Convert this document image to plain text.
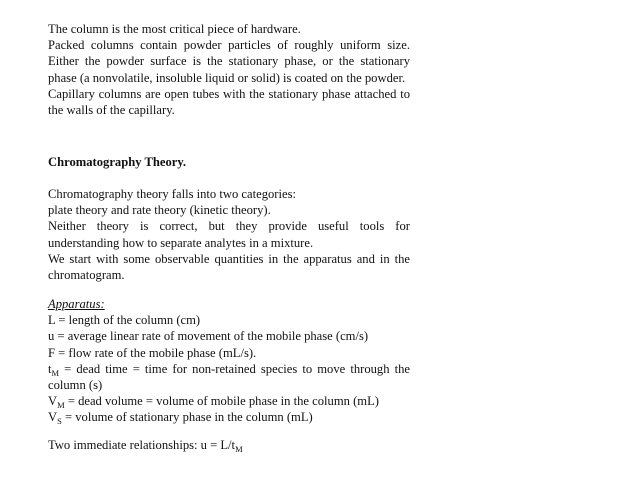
The column is the most critical piece of hardware.

Packed columns contain powder particles of roughly uniform size. Either the powder surface is the stationary phase, or the stationary phase (a nonvolatile, insoluble liquid or solid) is coated on the powder.

Capillary columns are open tubes with the stationary phase attached to the walls of the capillary.

Chromatography Theory.

Chromatography theory falls into two categories:

plate theory and rate theory (kinetic theory).

Neither theory is correct, but they provide useful tools for understanding how to separate analytes in a mixture.

We start with some observable quantities in the apparatus and in the chromatogram.

Apparatus:

L = length of the column (cm)

u = average linear rate of movement of the mobile phase (cm/s)

F = flow rate of the mobile phase (mL/s).

$t_M$ = dead time = time for non-retained species to move through the column (s)

$V_M$ = dead volume = volume of mobile phase in the column (mL)

$V_S$ = volume of stationary phase in the column (mL)

Two immediate relationships: $u = L/t_M$
